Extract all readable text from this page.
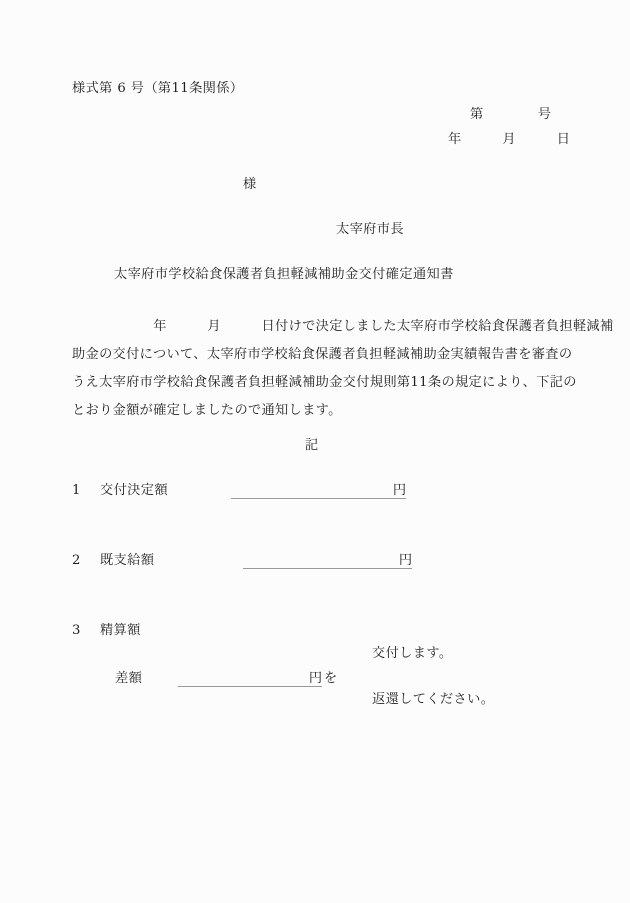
様式第 6 号（第11条関係）
第　　　　号
年　　　月　　　日
様
太宰府市長
太宰府市学校給食保護者負担軽減補助金交付確定通知書
　　　　　　年　　　月　　　日付けで決定しました太宰府市学校給食保護者負担軽減補
助金の交付について、太宰府市学校給食保護者負担軽減補助金実績報告書を審査の
うえ太宰府市学校給食保護者負担軽減補助金交付規則第11条の規定により、下記の
とおり金額が確定しましたので通知します。
記
1 交付決定額	円
2 既支給額	円
3 精算額
交付します。
差額	円 を
返還してください。
